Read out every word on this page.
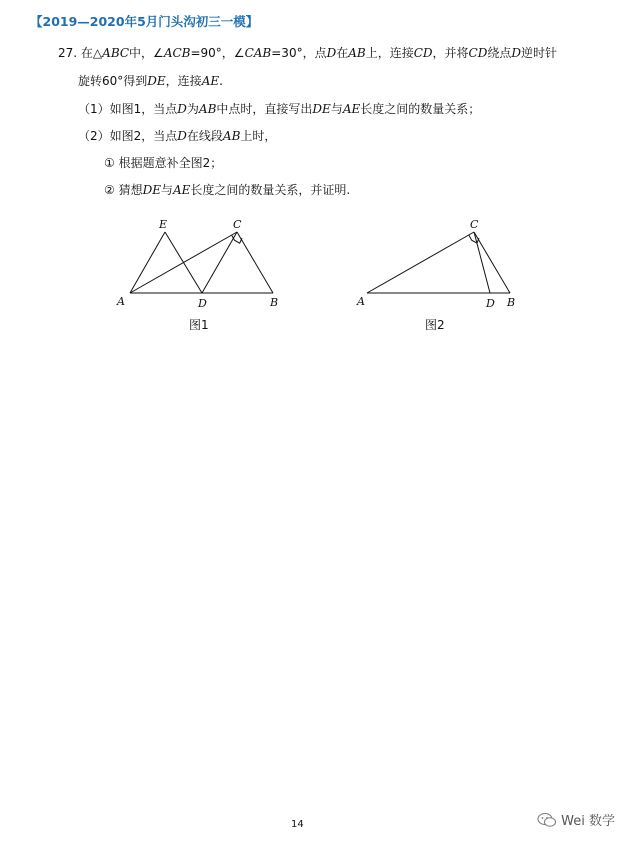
【2019—2020年5月门头沟初三一模】
27. 在△ABC中，∠ACB=90°，∠CAB=30°，点D在AB上，连接CD，并将CD绕点D逆时针
旋转60°得到DE，连接AE.
（1）如图1，当点D为AB中点时，直接写出DE与AE长度之间的数量关系；
（2）如图2，当点D在线段AB上时，
① 根据题意补全图2；
② 猜想DE与AE长度之间的数量关系，并证明.
A	D	B
E	C
图1
A	D B
C
图2
14	Wei 数学
